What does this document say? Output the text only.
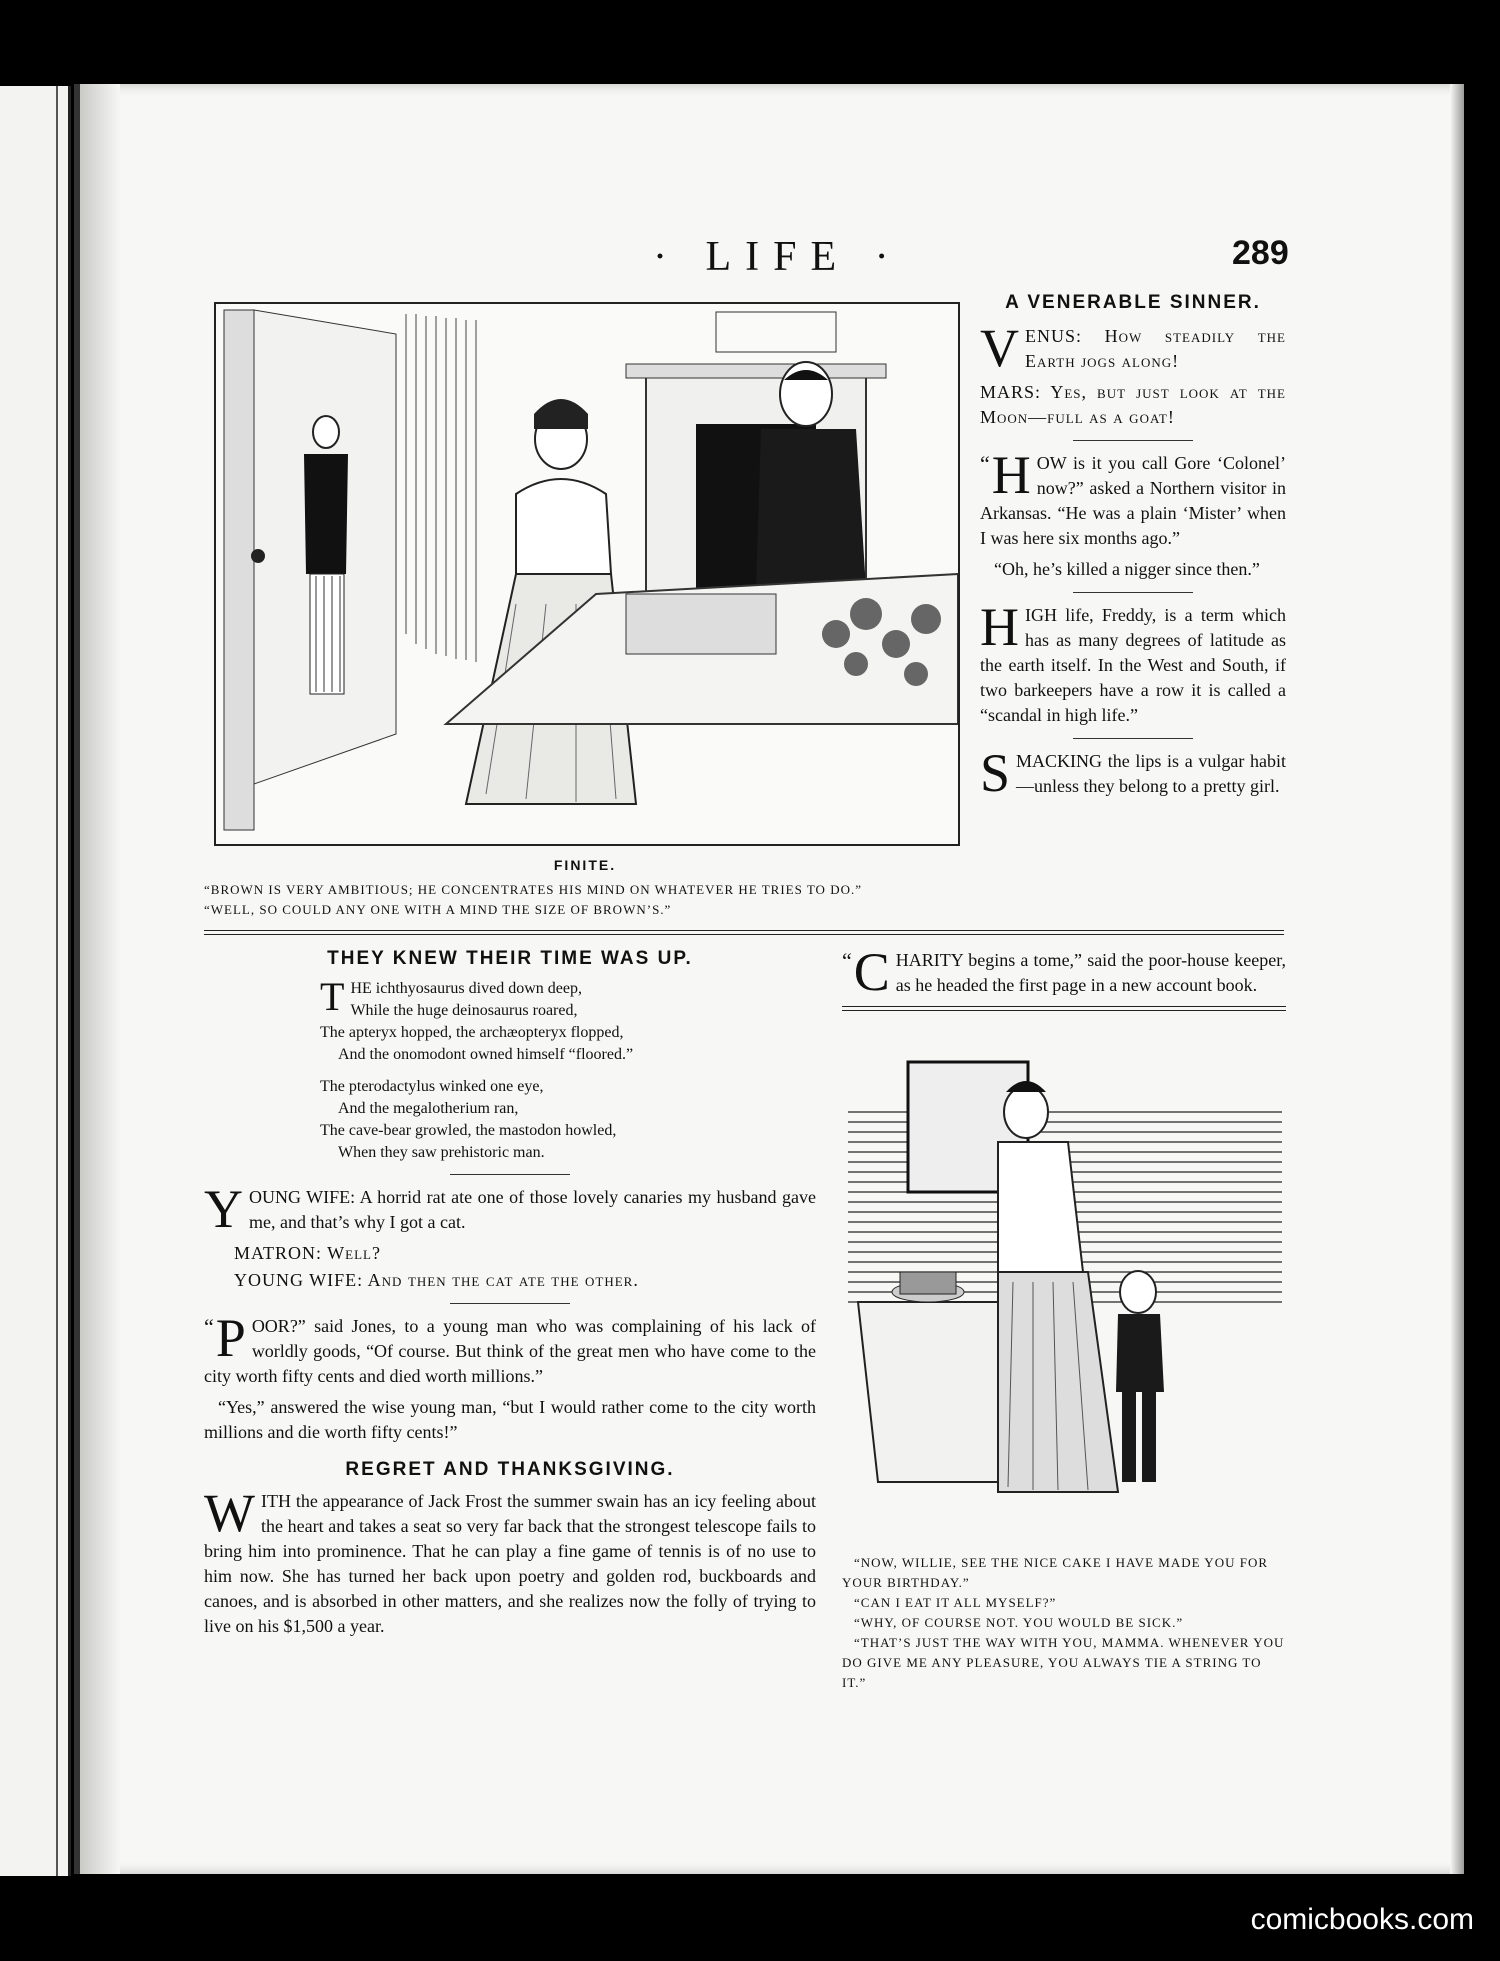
· LIFE ·	289
FINITE.
“BROWN IS VERY AMBITIOUS; HE CONCENTRATES HIS MIND ON WHATEVER HE TRIES TO DO.”
“WELL, SO COULD ANY ONE WITH A MIND THE SIZE OF BROWN’S.”
A VENERABLE SINNER.

VENUS: How steadily the Earth jogs along!

MARS: Yes, but just look at the Moon—full as a goat!

“ H OW is it you call Gore ‘Colonel’ now?” asked a Northern visitor in Arkansas. “He was a plain ‘Mister’ when I was here six months ago.”

“Oh, he’s killed a nigger since then.”

HIGH life, Freddy, is a term which has as many degrees of latitude as the earth itself. In the West and South, if two barkeepers have a row it is called a “scandal in high life.”

SMACKING the lips is a vulgar habit—unless they belong to a pretty girl.

THEY KNEW THEIR TIME WAS UP.
THE ichthyosaurus dived down deep,
While the huge deinosaurus roared,
The apteryx hopped, the archæopteryx flopped,
And the onomodont owned himself “floored.”
The pterodactylus winked one eye,
And the megalotherium ran,
The cave-bear growled, the mastodon howled,
When they saw prehistoric man.

YOUNG WIFE: A horrid rat ate one of those lovely canaries my husband gave me, and that’s why I got a cat.

MATRON: Well?

YOUNG WIFE: And then the cat ate the other.

“ P OOR?” said Jones, to a young man who was complaining of his lack of worldly goods, “Of course. But think of the great men who have come to the city worth fifty cents and died worth millions.”

“Yes,” answered the wise young man, “but I would rather come to the city worth millions and die worth fifty cents!”

REGRET AND THANKSGIVING.

WITH the appearance of Jack Frost the summer swain has an icy feeling about the heart and takes a seat so very far back that the strongest telescope fails to bring him into prominence. That he can play a fine game of tennis is of no use to him now. She has turned her back upon poetry and golden rod, buckboards and canoes, and is absorbed in other matters, and she realizes now the folly of trying to live on his $1,500 a year.

“ C HARITY begins a tome,” said the poor-house keeper, as he headed the first page in a new account book.

“NOW, WILLIE, SEE THE NICE CAKE I HAVE MADE YOU FOR YOUR BIRTHDAY.”
“CAN I EAT IT ALL MYSELF?”
“WHY, OF COURSE NOT. YOU WOULD BE SICK.”
“THAT’S JUST THE WAY WITH YOU, MAMMA. WHENEVER YOU DO GIVE ME ANY PLEASURE, YOU ALWAYS TIE A STRING TO IT.”
comicbooks.com
